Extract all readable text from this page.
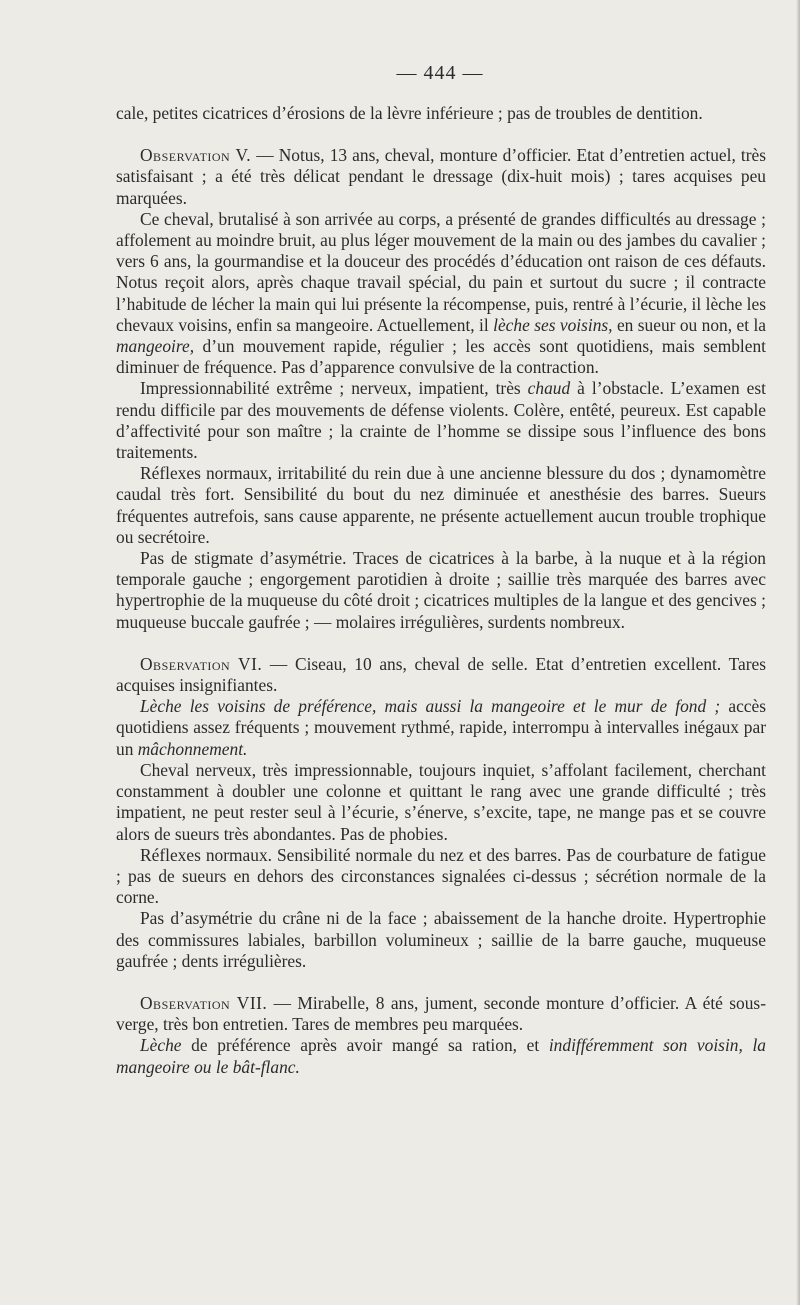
— 444 —

cale, petites cicatrices d’érosions de la lèvre inférieure ; pas de troubles de dentition.

Observation V. — Notus, 13 ans, cheval, monture d’officier. Etat d’entretien actuel, très satisfaisant ; a été très délicat pendant le dressage (dix-huit mois) ; tares acquises peu marquées.

Ce cheval, brutalisé à son arrivée au corps, a présenté de grandes difficultés au dressage ; affolement au moindre bruit, au plus léger mouvement de la main ou des jambes du cavalier ; vers 6 ans, la gourmandise et la douceur des procédés d’éducation ont raison de ces défauts. Notus reçoit alors, après chaque travail spécial, du pain et surtout du sucre ; il contracte l’habitude de lécher la main qui lui présente la récompense, puis, rentré à l’écurie, il lèche les chevaux voisins, enfin sa mangeoire. Actuellement, il lèche ses voisins, en sueur ou non, et la mangeoire, d’un mouvement rapide, régulier ; les accès sont quotidiens, mais semblent diminuer de fréquence. Pas d’apparence convulsive de la contraction.

Impressionnabilité extrême ; nerveux, impatient, très chaud à l’obstacle. L’examen est rendu difficile par des mouvements de défense violents. Colère, entêté, peureux. Est capable d’affectivité pour son maître ; la crainte de l’homme se dissipe sous l’influence des bons traitements.

Réflexes normaux, irritabilité du rein due à une ancienne blessure du dos ; dynamomètre caudal très fort. Sensibilité du bout du nez diminuée et anesthésie des barres. Sueurs fréquentes autrefois, sans cause apparente, ne présente actuellement aucun trouble trophique ou secrétoire.

Pas de stigmate d’asymétrie. Traces de cicatrices à la barbe, à la nuque et à la région temporale gauche ; engorgement parotidien à droite ; saillie très marquée des barres avec hypertrophie de la muqueuse du côté droit ; cicatrices multiples de la langue et des gencives ; muqueuse buccale gaufrée ; — molaires irrégulières, surdents nombreux.

Observation VI. — Ciseau, 10 ans, cheval de selle. Etat d’entretien excellent. Tares acquises insignifiantes.

Lèche les voisins de préférence, mais aussi la mangeoire et le mur de fond ; accès quotidiens assez fréquents ; mouvement rythmé, rapide, interrompu à intervalles inégaux par un mâchonnement.

Cheval nerveux, très impressionnable, toujours inquiet, s’affolant facilement, cherchant constamment à doubler une colonne et quittant le rang avec une grande difficulté ; très impatient, ne peut rester seul à l’écurie, s’énerve, s’excite, tape, ne mange pas et se couvre alors de sueurs très abondantes. Pas de phobies.

Réflexes normaux. Sensibilité normale du nez et des barres. Pas de courbature de fatigue ; pas de sueurs en dehors des circonstances signalées ci-dessus ; sécrétion normale de la corne.

Pas d’asymétrie du crâne ni de la face ; abaissement de la hanche droite. Hypertrophie des commissures labiales, barbillon volumineux ; saillie de la barre gauche, muqueuse gaufrée ; dents irrégulières.

Observation VII. — Mirabelle, 8 ans, jument, seconde monture d’officier. A été sous-verge, très bon entretien. Tares de membres peu marquées.

Lèche de préférence après avoir mangé sa ration, et indifféremment son voisin, la mangeoire ou le bât-flanc.
